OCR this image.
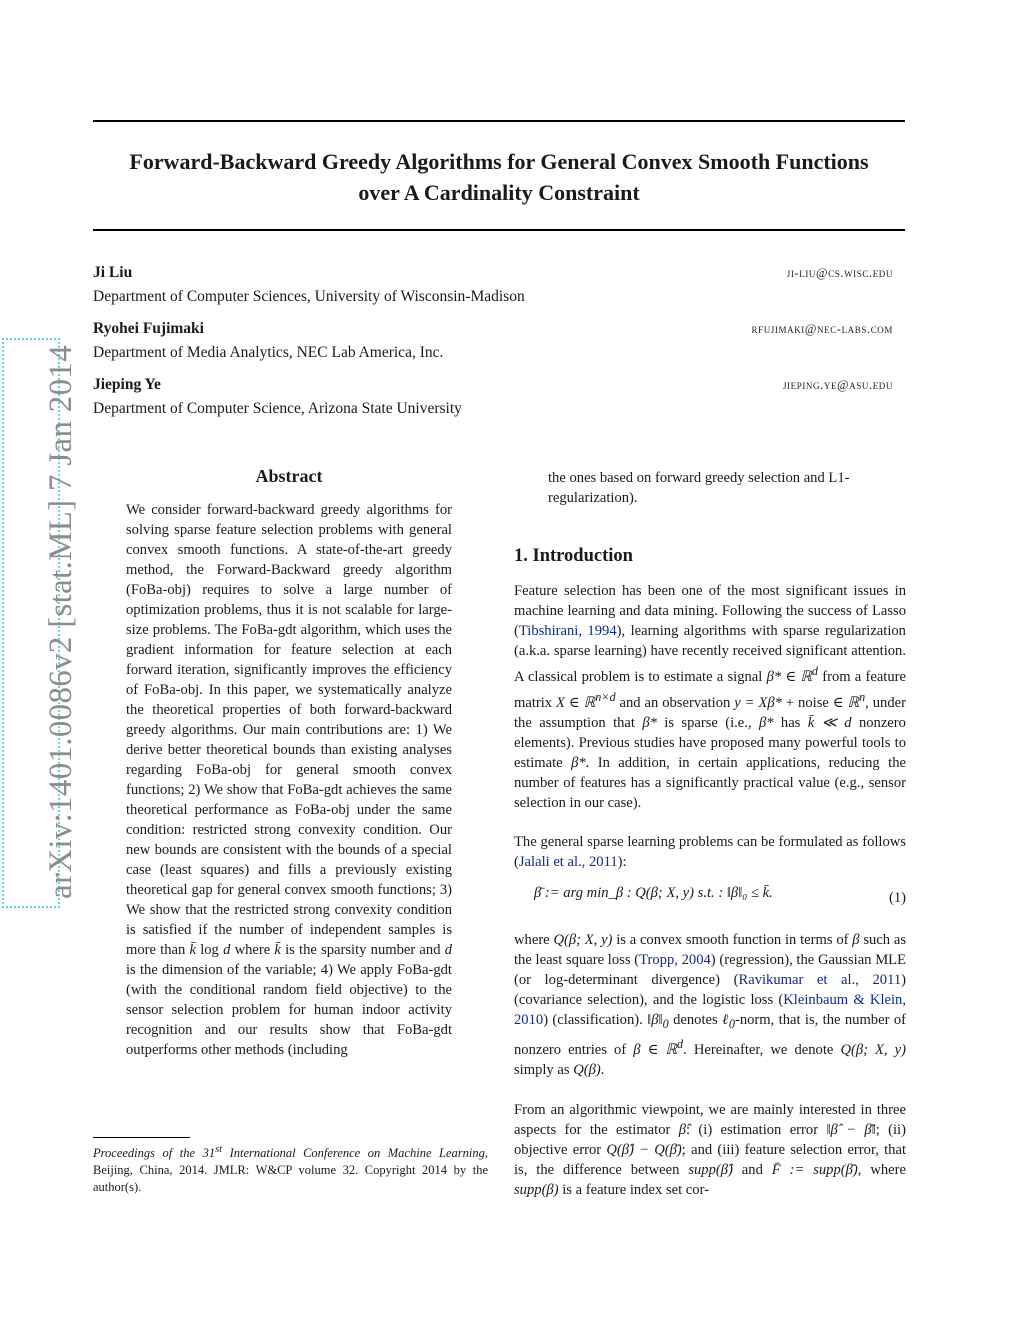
arXiv:1401.0086v2 [stat.ML] 7 Jan 2014
Forward-Backward Greedy Algorithms for General Convex Smooth Functions
over A Cardinality Constraint
Ji Liu	ji-liu@cs.wisc.edu
Department of Computer Sciences, University of Wisconsin-Madison
Ryohei Fujimaki	rfujimaki@nec-labs.com
Department of Media Analytics, NEC Lab America, Inc.
Jieping Ye	jieping.ye@asu.edu
Department of Computer Science, Arizona State University
Abstract
We consider forward-backward greedy algorithms for solving sparse feature selection problems with general convex smooth functions. A state-of-the-art greedy method, the Forward-Backward greedy algorithm (FoBa-obj) requires to solve a large number of optimization problems, thus it is not scalable for large-size problems. The FoBa-gdt algorithm, which uses the gradient information for feature selection at each forward iteration, significantly improves the efficiency of FoBa-obj. In this paper, we systematically analyze the theoretical properties of both forward-backward greedy algorithms. Our main contributions are: 1) We derive better theoretical bounds than existing analyses regarding FoBa-obj for general smooth convex functions; 2) We show that FoBa-gdt achieves the same theoretical performance as FoBa-obj under the same condition: restricted strong convexity condition. Our new bounds are consistent with the bounds of a special case (least squares) and fills a previously existing theoretical gap for general convex smooth functions; 3) We show that the restricted strong convexity condition is satisfied if the number of independent samples is more than k̄ log d where k̄ is the sparsity number and d is the dimension of the variable; 4) We apply FoBa-gdt (with the conditional random field objective) to the sensor selection problem for human indoor activity recognition and our results show that FoBa-gdt outperforms other methods (including
Proceedings of the 31st International Conference on Machine Learning, Beijing, China, 2014. JMLR: W&CP volume 32. Copyright 2014 by the author(s).
the ones based on forward greedy selection and L1-regularization).
1. Introduction
Feature selection has been one of the most significant issues in machine learning and data mining. Following the success of Lasso (Tibshirani, 1994), learning algorithms with sparse regularization (a.k.a. sparse learning) have recently received significant attention. A classical problem is to estimate a signal β* ∈ ℝ$^d$ from a feature matrix X ∈ ℝ$^{n\times d}$ and an observation y = Xβ* + noise ∈ ℝ$^n$, under the assumption that β* is sparse (i.e., β* has k̄ ≪ d nonzero elements). Previous studies have proposed many powerful tools to estimate β*. In addition, in certain applications, reducing the number of features has a significantly practical value (e.g., sensor selection in our case).
The general sparse learning problems can be formulated as follows (Jalali et al., 2011):
β̄ := arg min_β : Q(β; X, y) s.t. : ‖β‖₀ ≤ k̄.	(1)
where Q(β; X, y) is a convex smooth function in terms of β such as the least square loss (Tropp, 2004) (regression), the Gaussian MLE (or log-determinant divergence) (Ravikumar et al., 2011) (covariance selection), and the logistic loss (Kleinbaum & Klein, 2010) (classification). $‖\beta‖_0$ denotes ℓ$_0$-norm, that is, the number of nonzero entries of β ∈ ℝ$^d$. Hereinafter, we denote Q(β; X, y) simply as Q(β).
From an algorithmic viewpoint, we are mainly interested in three aspects for the estimator β̂: (i) estimation error ‖β̂ − β̄‖; (ii) objective error Q(β̂) − Q(β̄); and (iii) feature selection error, that is, the difference between supp(β̂) and F̄ := supp(β̄), where supp(β) is a feature index set cor-
